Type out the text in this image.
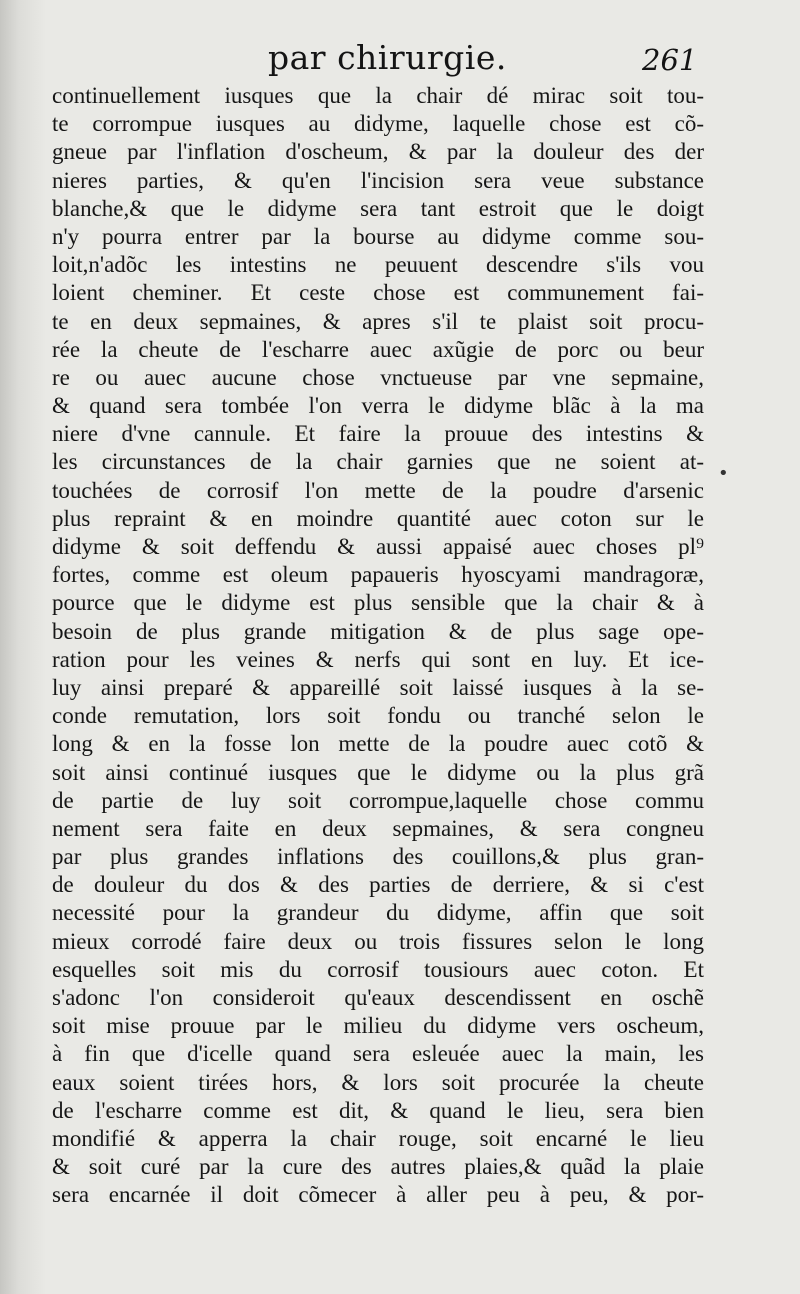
par chirurgie.	261
continuellement iusques que la chair dé mirac soit tou-
te corrompue iusques au didyme, laquelle chose est cõ-
gneue par l'inflation d'oscheum, & par la douleur des der
nieres parties, & qu'en l'incision sera veue substance
blanche,& que le didyme sera tant estroit que le doigt
n'y pourra entrer par la bourse au didyme comme sou-
loit,n'adõc les intestins ne peuuent descendre s'ils vou
loient cheminer. Et ceste chose est communement fai-
te en deux sepmaines, & apres s'il te plaist soit procu-
rée la cheute de l'escharre auec axũgie de porc ou beur
re ou auec aucune chose vnctueuse par vne sepmaine,
& quand sera tombée l'on verra le didyme blãc à la ma
niere d'vne cannule. Et faire la prouue des intestins &
les circunstances de la chair garnies que ne soient at-
touchées de corrosif l'on mette de la poudre d'arsenic
plus repraint & en moindre quantité auec coton sur le
didyme & soit deffendu & aussi appaisé auec choses pl⁹
fortes, comme est oleum papaueris hyoscyami mandragoræ,
pource que le didyme est plus sensible que la chair & à
besoin de plus grande mitigation & de plus sage ope-
ration pour les veines & nerfs qui sont en luy. Et ice-
luy ainsi preparé & appareillé soit laissé iusques à la se-
conde remutation, lors soit fondu ou tranché selon le
long & en la fosse lon mette de la poudre auec cotõ &
soit ainsi continué iusques que le didyme ou la plus grã
de partie de luy soit corrompue,laquelle chose commu
nement sera faite en deux sepmaines, & sera congneu
par plus grandes inflations des couillons,& plus gran-
de douleur du dos & des parties de derriere, & si c'est
necessité pour la grandeur du didyme, affin que soit
mieux corrodé faire deux ou trois fissures selon le long
esquelles soit mis du corrosif tousiours auec coton. Et
s'adonc l'on consideroit qu'eaux descendissent en oschẽ
soit mise prouue par le milieu du didyme vers oscheum,
à fin que d'icelle quand sera esleuée auec la main, les
eaux soient tirées hors, & lors soit procurée la cheute
de l'escharre comme est dit, & quand le lieu, sera bien
mondifié & apperra la chair rouge, soit encarné le lieu
& soit curé par la cure des autres plaies,& quãd la plaie
sera encarnée il doit cõmecer à aller peu à peu, & por-
•
